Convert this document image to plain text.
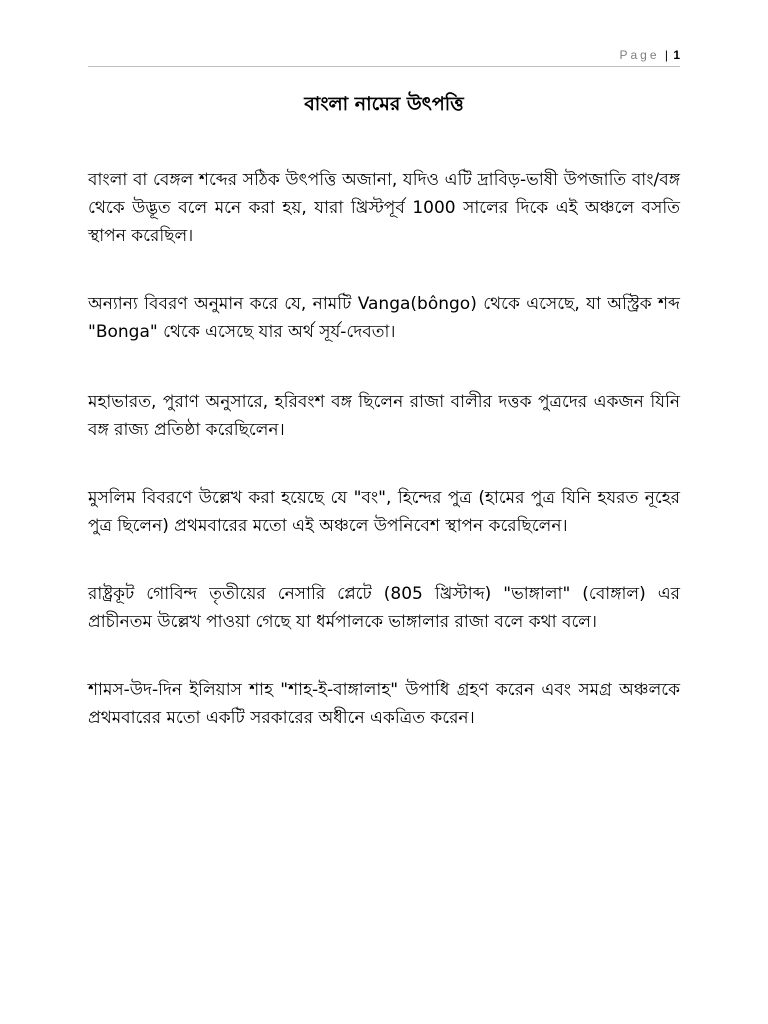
Page | 1
বাংলা নামের উৎপত্তি

বাংলা বা বেঙ্গল শব্দের সঠিক উৎপত্তি অজানা, যদিও এটি দ্রাবিড়-ভাষী উপজাতি বাং/বঙ্গ থেকে উদ্ভূত বলে মনে করা হয়, যারা খ্রিস্টপূর্ব 1000 সালের দিকে এই অঞ্চলে বসতি স্থাপন করেছিল।

অন্যান্য বিবরণ অনুমান করে যে, নামটি Vanga(bôngo) থেকে এসেছে, যা অস্ট্রিক শব্দ "Bonga" থেকে এসেছে যার অর্থ সূর্য-দেবতা।

মহাভারত, পুরাণ অনুসারে, হরিবংশ বঙ্গ ছিলেন রাজা বালীর দত্তক পুত্রদের একজন যিনি বঙ্গ রাজ্য প্রতিষ্ঠা করেছিলেন।

মুসলিম বিবরণে উল্লেখ করা হয়েছে যে "বং", হিন্দের পুত্র (হামের পুত্র যিনি হযরত নূহের পুত্র ছিলেন) প্রথমবারের মতো এই অঞ্চলে উপনিবেশ স্থাপন করেছিলেন।

রাষ্ট্রকূট গোবিন্দ তৃতীয়ের নেসারি প্লেটে (805 খ্রিস্টাব্দ) "ভাঙ্গালা" (বোঙ্গাল) এর প্রাচীনতম উল্লেখ পাওয়া গেছে যা ধর্মপালকে ভাঙ্গালার রাজা বলে কথা বলে।

শামস-উদ-দিন ইলিয়াস শাহ "শাহ-ই-বাঙ্গালাহ" উপাধি গ্রহণ করেন এবং সমগ্র অঞ্চলকে প্রথমবারের মতো একটি সরকারের অধীনে একত্রিত করেন।
